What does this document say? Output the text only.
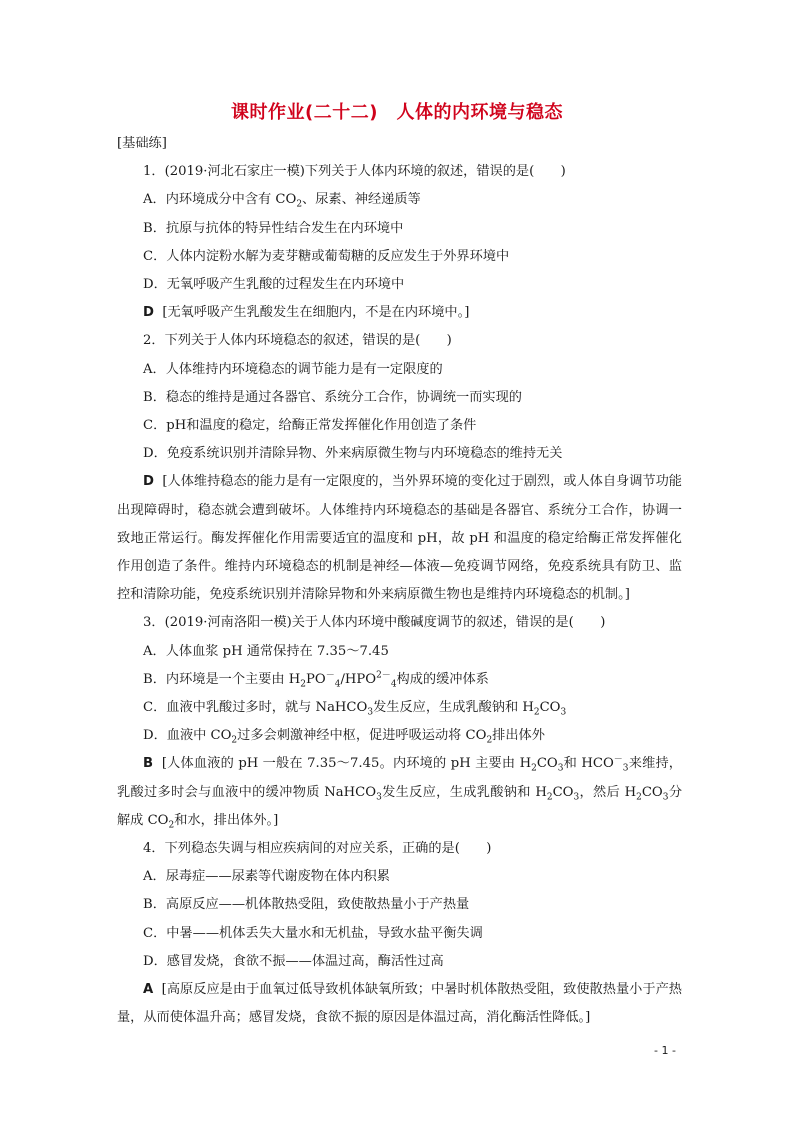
课时作业(二十二)　人体的内环境与稳态

[基础练]

1．(2019·河北石家庄一模)下列关于人体内环境的叙述，错误的是(　　)

A．内环境成分中含有 $CO_2$、尿素、神经递质等

B．抗原与抗体的特异性结合发生在内环境中

C．人体内淀粉水解为麦芽糖或葡萄糖的反应发生于外界环境中

D．无氧呼吸产生乳酸的过程发生在内环境中

D [无氧呼吸产生乳酸发生在细胞内，不是在内环境中。]

2．下列关于人体内环境稳态的叙述，错误的是(　　)

A．人体维持内环境稳态的调节能力是有一定限度的

B．稳态的维持是通过各器官、系统分工合作，协调统一而实现的

C．pH和温度的稳定，给酶正常发挥催化作用创造了条件

D．免疫系统识别并清除异物、外来病原微生物与内环境稳态的维持无关

D [人体维持稳态的能力是有一定限度的，当外界环境的变化过于剧烈，或人体自身调节功能出现障碍时，稳态就会遭到破坏。人体维持内环境稳态的基础是各器官、系统分工合作，协调一致地正常运行。酶发挥催化作用需要适宜的温度和 pH，故 pH 和温度的稳定给酶正常发挥催化作用创造了条件。维持内环境稳态的机制是神经—体液—免疫调节网络，免疫系统具有防卫、监控和清除功能，免疫系统识别并清除异物和外来病原微生物也是维持内环境稳态的机制。]

3．(2019·河南洛阳一模)关于人体内环境中酸碱度调节的叙述，错误的是(　　)

A．人体血浆 pH 通常保持在 7.35～7.45

B．内环境是一个主要由 $H_2PO^-_4/HPO^{2-}_4$构成的缓冲体系

C．血液中乳酸过多时，就与 NaHCO$_3$发生反应，生成乳酸钠和 $H_2CO_3$

D．血液中 $CO_2$过多会刺激神经中枢，促进呼吸运动将 $CO_2$排出体外

B [人体血液的 pH 一般在 7.35～7.45。内环境的 pH 主要由 $H_2CO_3$和 $HCO^-_3$来维持，乳酸过多时会与血液中的缓冲物质 NaHCO$_3$发生反应，生成乳酸钠和 $H_2CO_3$，然后 $H_2CO_3$分解成 $CO_2$和水，排出体外。]

4．下列稳态失调与相应疾病间的对应关系，正确的是(　　)

A．尿毒症——尿素等代谢废物在体内积累

B．高原反应——机体散热受阻，致使散热量小于产热量

C．中暑——机体丢失大量水和无机盐，导致水盐平衡失调

D．感冒发烧，食欲不振——体温过高，酶活性过高

A [高原反应是由于血氧过低导致机体缺氧所致；中暑时机体散热受阻，致使散热量小于产热量，从而使体温升高；感冒发烧，食欲不振的原因是体温过高，消化酶活性降低。]

- 1 -
